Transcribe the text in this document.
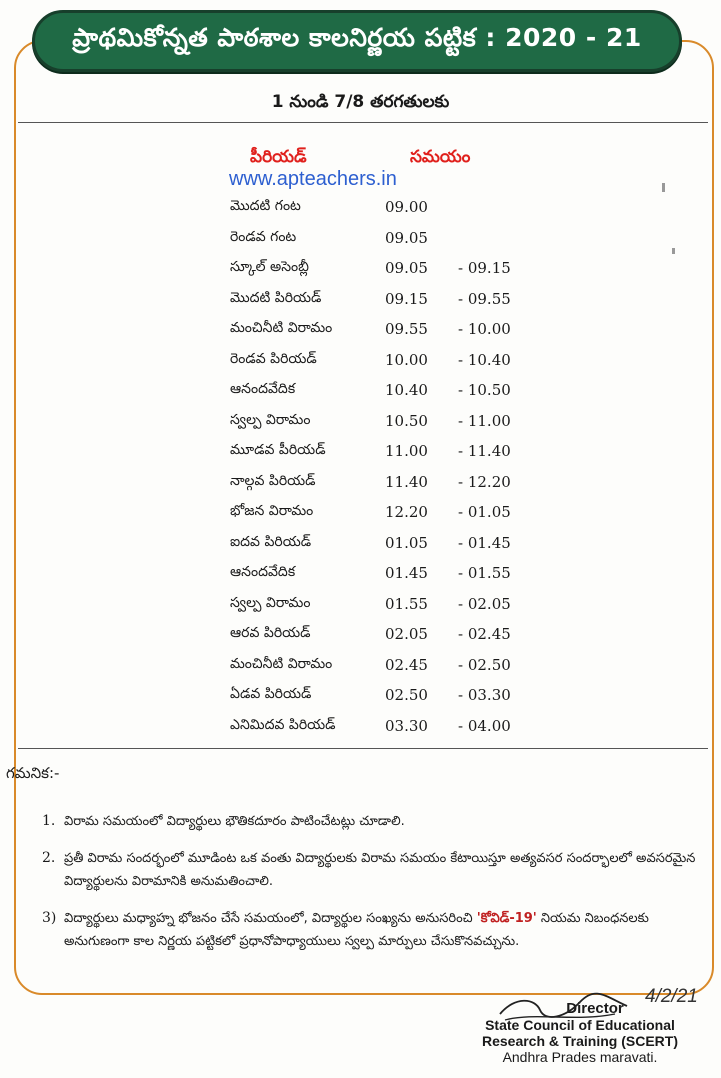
ప్రాథమికోన్నత పాఠశాల కాలనిర్ణయ పట్టిక : 2020 - 21
1 నుండి 7/8 తరగతులకు
పీరియడ్	సమయం
www.apteachers.in
మొదటి గంట	09.00
రెండవ గంట	09.05
స్కూల్ అసెంబ్లీ	09.05 - 09.15
మొదటి పిరియడ్	09.15 - 09.55
మంచినీటి విరామం	09.55 - 10.00
రెండవ పిరియడ్	10.00 - 10.40
ఆనందవేదిక	10.40 - 10.50
స్వల్ప విరామం	10.50 - 11.00
మూడవ పీరియడ్	11.00 - 11.40
నాల్గవ పిరియడ్	11.40 - 12.20
భోజన విరామం	12.20 - 01.05
ఐదవ పిరియడ్	01.05 - 01.45
ఆనందవేదిక	01.45 - 01.55
స్వల్ప విరామం	01.55 - 02.05
ఆరవ పిరియడ్	02.05 - 02.45
మంచినీటి విరామం	02.45 - 02.50
ఏడవ పిరియడ్	02.50 - 03.30
ఎనిమిదవ పిరియడ్	03.30 - 04.00
గమనిక:-
1. విరామ సమయంలో విద్యార్థులు భౌతికదూరం పాటించేటట్లు చూడాలి.
2. ప్రతీ విరామ సందర్భంలో మూడింట ఒక వంతు విద్యార్థులకు విరామ సమయం కేటాయిస్తూ అత్యవసర సందర్భాలలో అవసరమైన విద్యార్థులను విరామానికి అనుమతించాలి.
3) విద్యార్థులు మధ్యాహ్న భోజనం చేసే సమయంలో, విద్యార్థుల సంఖ్యను అనుసరించి 'కోవిడ్-19' నియమ నిబంధనలకు అనుగుణంగా కాల నిర్ణయ పట్టికలో ప్రధానోపాధ్యాయులు స్వల్ప మార్పులు చేసుకొనవచ్చును.
4/2/21
Director
State Council of Educational
Research & Training (SCERT)
Andhra Prades maravati.
